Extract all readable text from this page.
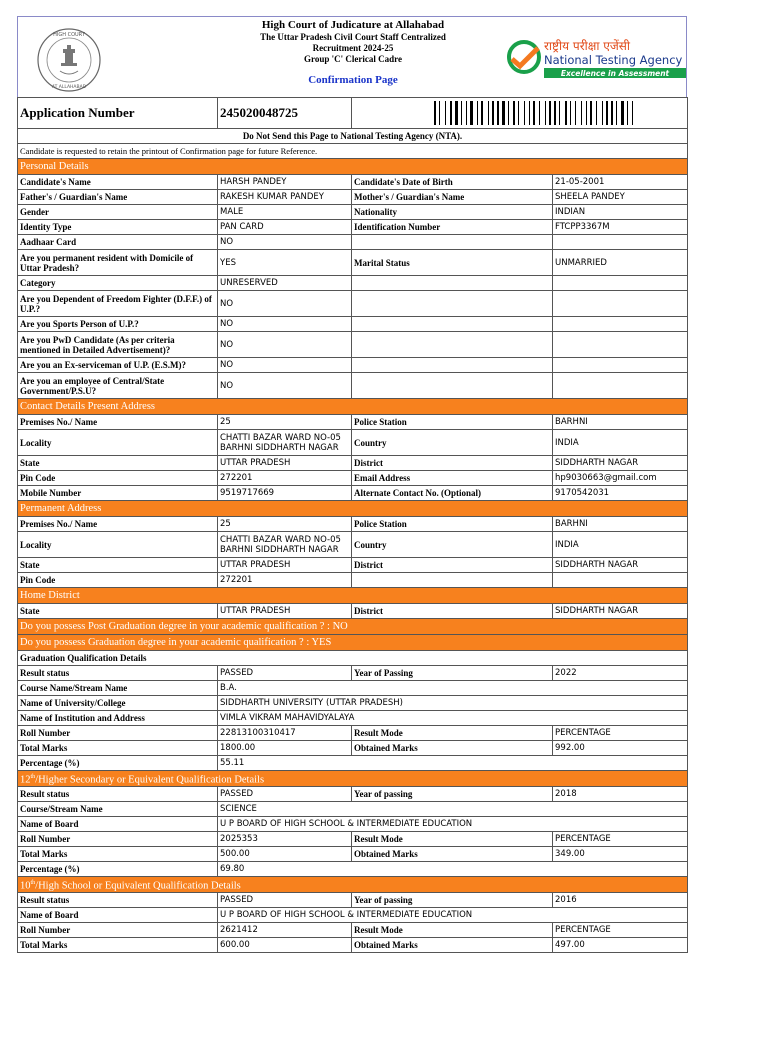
HIGH COURT
AT ALLAHABAD
High Court of Judicature at Allahabad
The Uttar Pradesh Civil Court Staff Centralized
Recruitment 2024-25
Group 'C' Clerical Cadre
Confirmation Page
राष्ट्रीय परीक्षा एजेंसी
National Testing Agency
Excellence in Assessment
Application Number	245020048725		

Do Not Send this Page to National Testing Agency (NTA).			
Candidate is requested to retain the printout of Confirmation page for future Reference.			
Personal Details			
Candidate's Name	HARSH PANDEY	Candidate's Date of Birth	21-05-2001
Father's / Guardian's Name	RAKESH KUMAR PANDEY	Mother's / Guardian's Name	SHEELA PANDEY
Gender	MALE	Nationality	INDIAN
Identity Type	PAN CARD	Identification Number	FTCPP3367M
Aadhaar Card	NO		
Are you permanent resident with Domicile of Uttar Pradesh?	YES	Marital Status	UNMARRIED
Category	UNRESERVED		
Are you Dependent of Freedom Fighter (D.F.F.) of U.P.?	NO		
Are you Sports Person of U.P.?	NO		
Are you PwD Candidate (As per criteria mentioned in Detailed Advertisement)?	NO		
Are you an Ex-serviceman of U.P. (E.S.M)?	NO		
Are you an employee of Central/State Government/P.S.U?	NO		
Contact Details Present Address			
Premises No./ Name	25	Police Station	BARHNI
Locality	CHATTI BAZAR WARD NO-05 BARHNI SIDDHARTH NAGAR	Country	INDIA
State	UTTAR PRADESH	District	SIDDHARTH NAGAR
Pin Code	272201	Email Address	hp9030663@gmail.com
Mobile Number	9519717669	Alternate Contact No. (Optional)	9170542031
Permanent Address			
Premises No./ Name	25	Police Station	BARHNI
Locality	CHATTI BAZAR WARD NO-05 BARHNI SIDDHARTH NAGAR	Country	INDIA
State	UTTAR PRADESH	District	SIDDHARTH NAGAR
Pin Code	272201		
Home District			
State	UTTAR PRADESH	District	SIDDHARTH NAGAR
Do you possess Post Graduation degree in your academic qualification ? : NO			
Do you possess Graduation degree in your academic qualification ? : YES			
Graduation Qualification Details			
Result status	PASSED	Year of Passing	2022
Course Name/Stream Name	B.A.		
Name of University/College	SIDDHARTH UNIVERSITY (UTTAR PRADESH)		
Name of Institution and Address	VIMLA VIKRAM MAHAVIDYALAYA		
Roll Number	22813100310417	Result Mode	PERCENTAGE
Total Marks	1800.00	Obtained Marks	992.00
Percentage (%)	55.11		
12th/Higher Secondary or Equivalent Qualification Details			
Result status	PASSED	Year of passing	2018
Course/Stream Name	SCIENCE		
Name of Board	U P BOARD OF HIGH SCHOOL & INTERMEDIATE EDUCATION		
Roll Number	2025353	Result Mode	PERCENTAGE
Total Marks	500.00	Obtained Marks	349.00
Percentage (%)	69.80		
10th/High School or Equivalent Qualification Details			
Result status	PASSED	Year of passing	2016
Name of Board	U P BOARD OF HIGH SCHOOL & INTERMEDIATE EDUCATION		
Roll Number	2621412	Result Mode	PERCENTAGE
Total Marks	600.00	Obtained Marks	497.00
